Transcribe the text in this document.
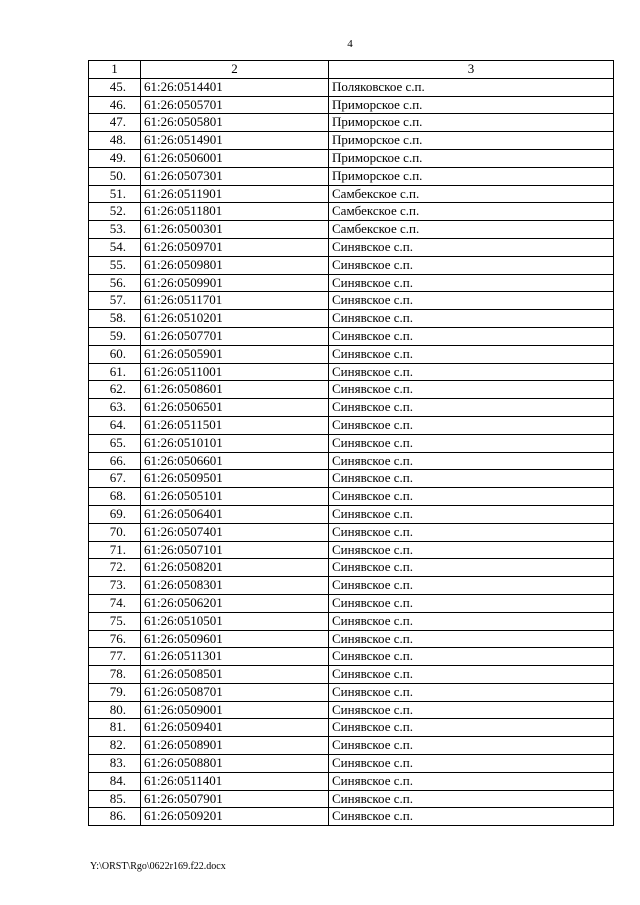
4
1	2	3
45.	61:26:0514401	Поляковское с.п.
46.	61:26:0505701	Приморское с.п.
47.	61:26:0505801	Приморское с.п.
48.	61:26:0514901	Приморское с.п.
49.	61:26:0506001	Приморское с.п.
50.	61:26:0507301	Приморское с.п.
51.	61:26:0511901	Самбекское с.п.
52.	61:26:0511801	Самбекское с.п.
53.	61:26:0500301	Самбекское с.п.
54.	61:26:0509701	Синявское с.п.
55.	61:26:0509801	Синявское с.п.
56.	61:26:0509901	Синявское с.п.
57.	61:26:0511701	Синявское с.п.
58.	61:26:0510201	Синявское с.п.
59.	61:26:0507701	Синявское с.п.
60.	61:26:0505901	Синявское с.п.
61.	61:26:0511001	Синявское с.п.
62.	61:26:0508601	Синявское с.п.
63.	61:26:0506501	Синявское с.п.
64.	61:26:0511501	Синявское с.п.
65.	61:26:0510101	Синявское с.п.
66.	61:26:0506601	Синявское с.п.
67.	61:26:0509501	Синявское с.п.
68.	61:26:0505101	Синявское с.п.
69.	61:26:0506401	Синявское с.п.
70.	61:26:0507401	Синявское с.п.
71.	61:26:0507101	Синявское с.п.
72.	61:26:0508201	Синявское с.п.
73.	61:26:0508301	Синявское с.п.
74.	61:26:0506201	Синявское с.п.
75.	61:26:0510501	Синявское с.п.
76.	61:26:0509601	Синявское с.п.
77.	61:26:0511301	Синявское с.п.
78.	61:26:0508501	Синявское с.п.
79.	61:26:0508701	Синявское с.п.
80.	61:26:0509001	Синявское с.п.
81.	61:26:0509401	Синявское с.п.
82.	61:26:0508901	Синявское с.п.
83.	61:26:0508801	Синявское с.п.
84.	61:26:0511401	Синявское с.п.
85.	61:26:0507901	Синявское с.п.
86.	61:26:0509201	Синявское с.п.
Y:\ORST\Rgo\0622r169.f22.docx
